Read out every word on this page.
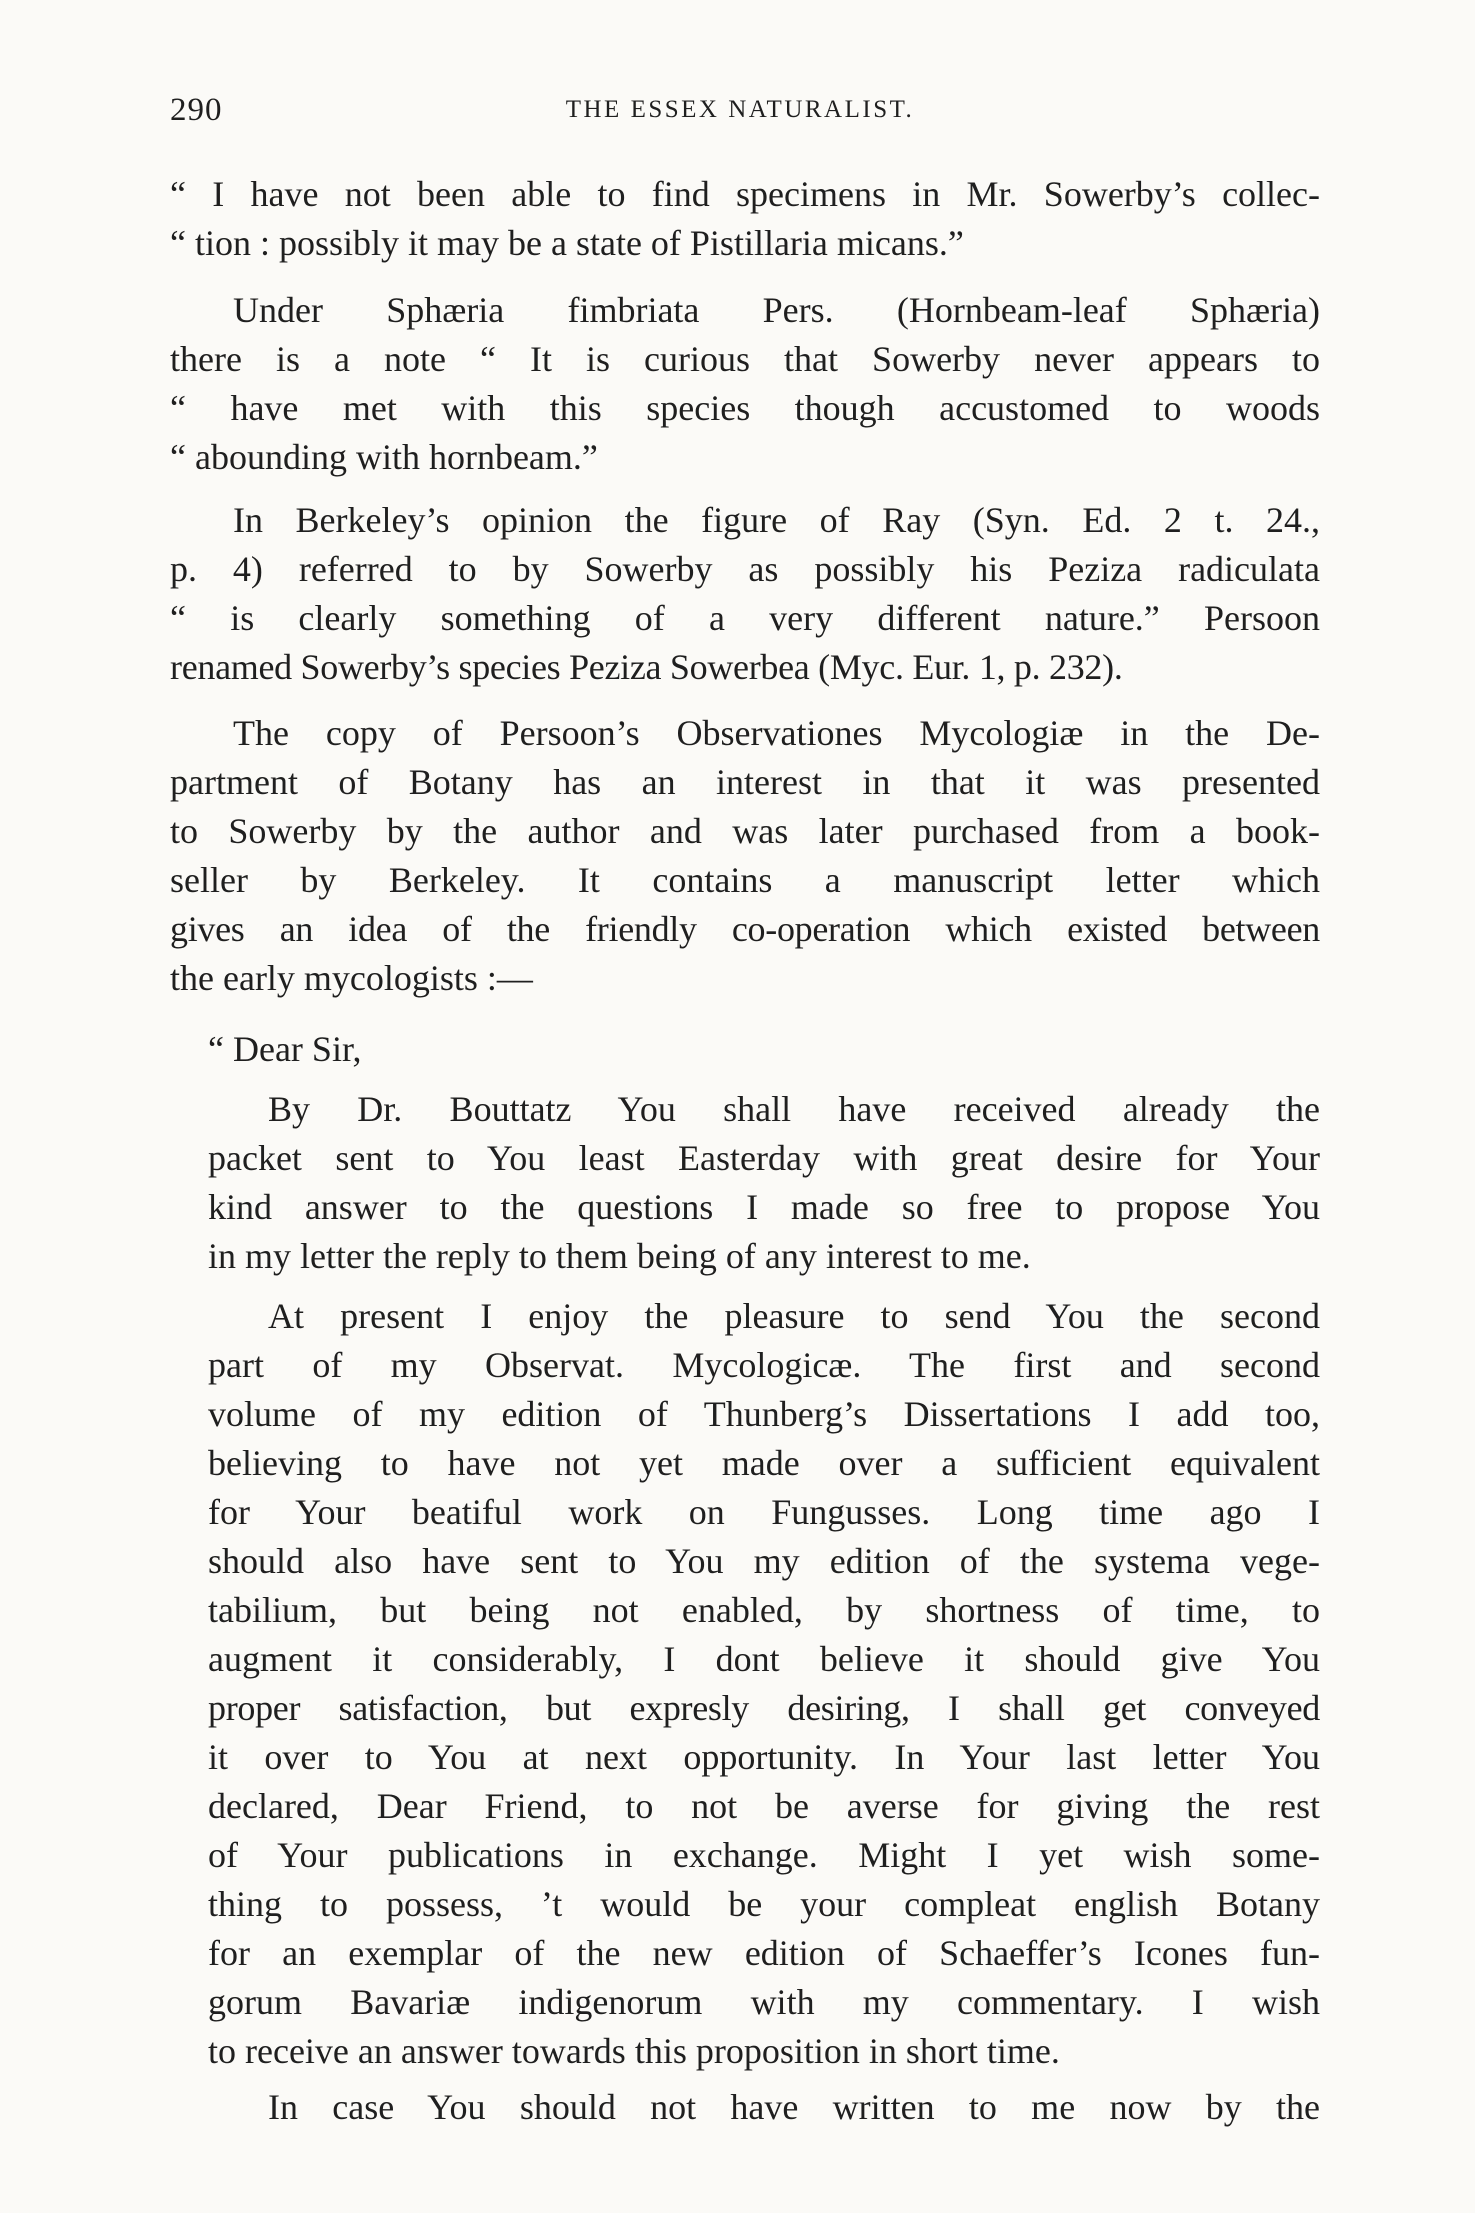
290	THE ESSEX NATURALIST.
“ I have not been able to find specimens in Mr. Sowerby’s collec-
“ tion : possibly it may be a state of Pistillaria micans.”
Under Sphæria fimbriata Pers. (Hornbeam-leaf Sphæria)
there is a note “ It is curious that Sowerby never appears to
“ have met with this species though accustomed to woods
“ abounding with hornbeam.”
In Berkeley’s opinion the figure of Ray (Syn. Ed. 2 t. 24.,
p. 4) referred to by Sowerby as possibly his Peziza radiculata
“ is clearly something of a very different nature.” Persoon
renamed Sowerby’s species Peziza Sowerbea (Myc. Eur. 1, p. 232).
The copy of Persoon’s Observationes Mycologiæ in the De-
partment of Botany has an interest in that it was presented
to Sowerby by the author and was later purchased from a book-
seller by Berkeley. It contains a manuscript letter which
gives an idea of the friendly co-operation which existed between
the early mycologists :—
“ Dear Sir,
By Dr. Bouttatz You shall have received already the
packet sent to You least Easterday with great desire for Your
kind answer to the questions I made so free to propose You
in my letter the reply to them being of any interest to me.
At present I enjoy the pleasure to send You the second
part of my Observat. Mycologicæ. The first and second
volume of my edition of Thunberg’s Dissertations I add too,
believing to have not yet made over a sufficient equivalent
for Your beatiful work on Fungusses. Long time ago I
should also have sent to You my edition of the systema vege-
tabilium, but being not enabled, by shortness of time, to
augment it considerably, I dont believe it should give You
proper satisfaction, but expresly desiring, I shall get conveyed
it over to You at next opportunity. In Your last letter You
declared, Dear Friend, to not be averse for giving the rest
of Your publications in exchange. Might I yet wish some-
thing to possess, ’t would be your compleat english Botany
for an exemplar of the new edition of Schaeffer’s Icones fun-
gorum Bavariæ indigenorum with my commentary. I wish
to receive an answer towards this proposition in short time.
In case You should not have written to me now by the
